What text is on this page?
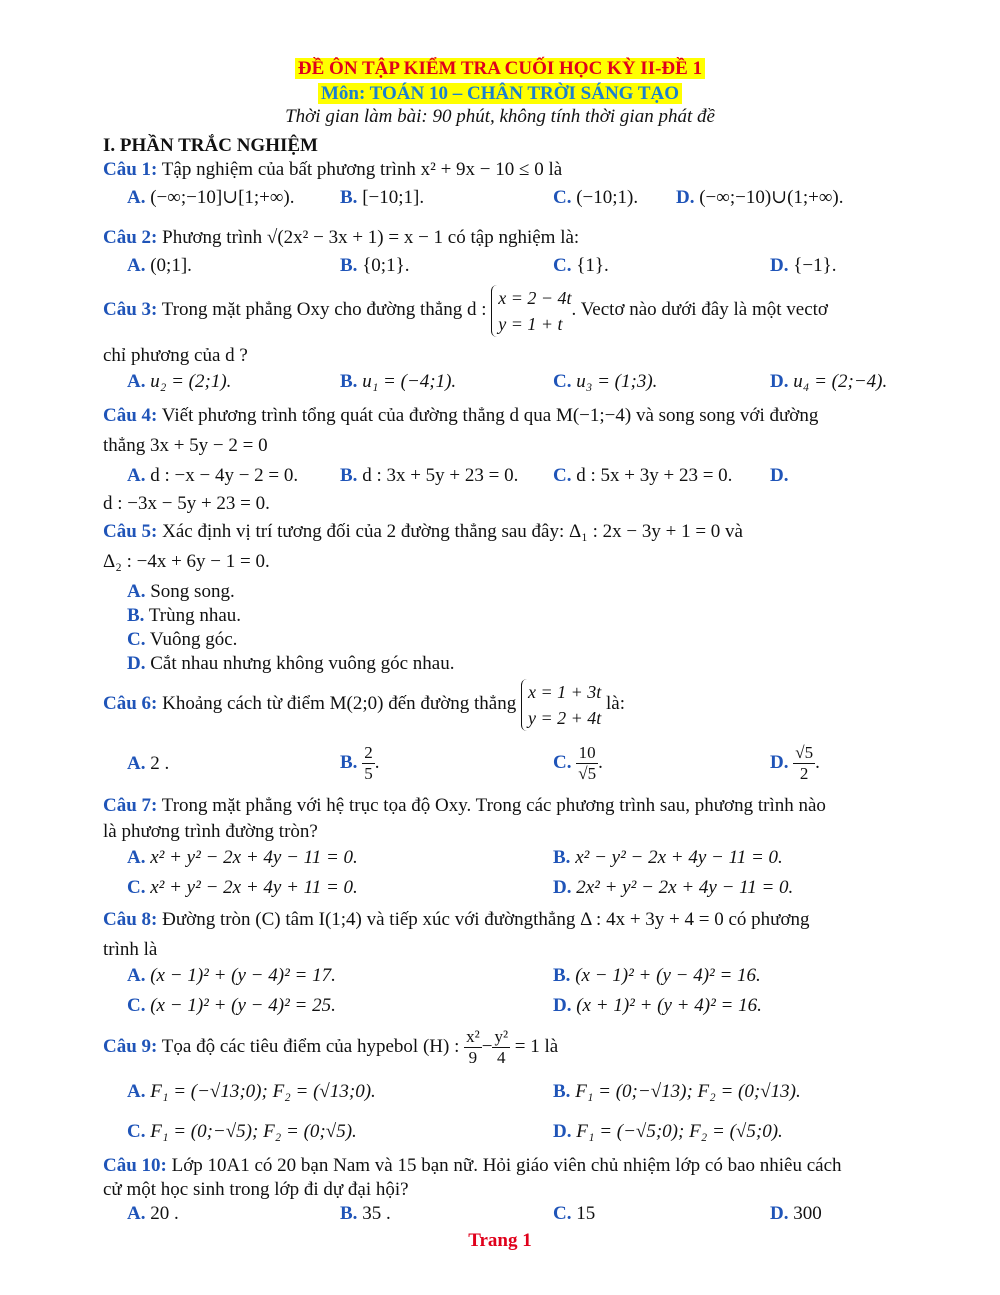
ĐỀ ÔN TẬP KIỂM TRA CUỐI HỌC KỲ II-ĐỀ 1
Môn: TOÁN 10 – CHÂN TRỜI SÁNG TẠO
Thời gian làm bài: 90 phút, không tính thời gian phát đề
I. PHẦN TRẮC NGHIỆM
Câu 1: Tập nghiệm của bất phương trình x² + 9x − 10 ≤ 0 là
A. (−∞;−10]∪[1;+∞). B. [−10;1].	C. (−10;1). D. (−∞;−10)∪(1;+∞).
Câu 2: Phương trình √(2x² − 3x + 1) = x − 1 có tập nghiệm là:
A. (0;1].	B. {0;1}.	C. {1}.	D. {−1}.
Câu 3: Trong mặt phẳng Oxy cho đường thẳng d :
x = 2 − 4t
y = 1 + t
. Vectơ nào dưới đây là một vectơ
chỉ phương của d ?
A. u₂ = (2;1).	B. u₁ = (−4;1).	C. u₃ = (1;3).	D. u₄ = (2;−4).
Câu 4: Viết phương trình tổng quát của đường thẳng d qua M(−1;−4) và song song với đường
thẳng 3x + 5y − 2 = 0
A. d : −x − 4y − 2 = 0. B. d : 3x + 5y + 23 = 0. C. d : 5x + 3y + 23 = 0. D.
d : −3x − 5y + 23 = 0.
Câu 5: Xác định vị trí tương đối của 2 đường thẳng sau đây: Δ₁ : 2x − 3y + 1 = 0 và
Δ₂ : −4x + 6y − 1 = 0.
A. Song song.
B. Trùng nhau.
C. Vuông góc.
D. Cắt nhau nhưng không vuông góc nhau.
Câu 6: Khoảng cách từ điểm M(2;0) đến đường thẳng
x = 1 + 3t
y = 2 + 4t
là:
A. 2 .	B. $\frac{2}{5}$ .	C. $\frac{10}{√5}$ .	D. $\frac{√5}{2}$ .
Câu 7: Trong mặt phẳng với hệ trục tọa độ Oxy. Trong các phương trình sau, phương trình nào
là phương trình đường tròn?
A. x² + y² − 2x + 4y − 11 = 0.	B. x² − y² − 2x + 4y − 11 = 0.
C. x² + y² − 2x + 4y + 11 = 0.	D. 2x² + y² − 2x + 4y − 11 = 0.
Câu 8: Đường tròn (C) tâm I(1;4) và tiếp xúc với đườngthẳng Δ : 4x + 3y + 4 = 0 có phương
trình là
A. (x − 1)² + (y − 4)² = 17.	B. (x − 1)² + (y − 4)² = 16.
C. (x − 1)² + (y − 4)² = 25.	D. (x + 1)² + (y + 4)² = 16.
Câu 9: Tọa độ các tiêu điểm của hypebol (H) : $\frac{\text{x²}}{9} - \frac{\text{y²}}{4} = 1$ là
A. F₁ = (−√13;0); F₂ = (√13;0).	B. F₁ = (0;−√13); F₂ = (0;√13).
C. F₁ = (0;−√5); F₂ = (0;√5).	D. F₁ = (−√5;0); F₂ = (√5;0).
Câu 10: Lớp 10A1 có 20 bạn Nam và 15 bạn nữ. Hỏi giáo viên chủ nhiệm lớp có bao nhiêu cách
cử một học sinh trong lớp đi dự đại hội?
A. 20 .	B. 35 .	C. 15	D. 300
Trang 1
